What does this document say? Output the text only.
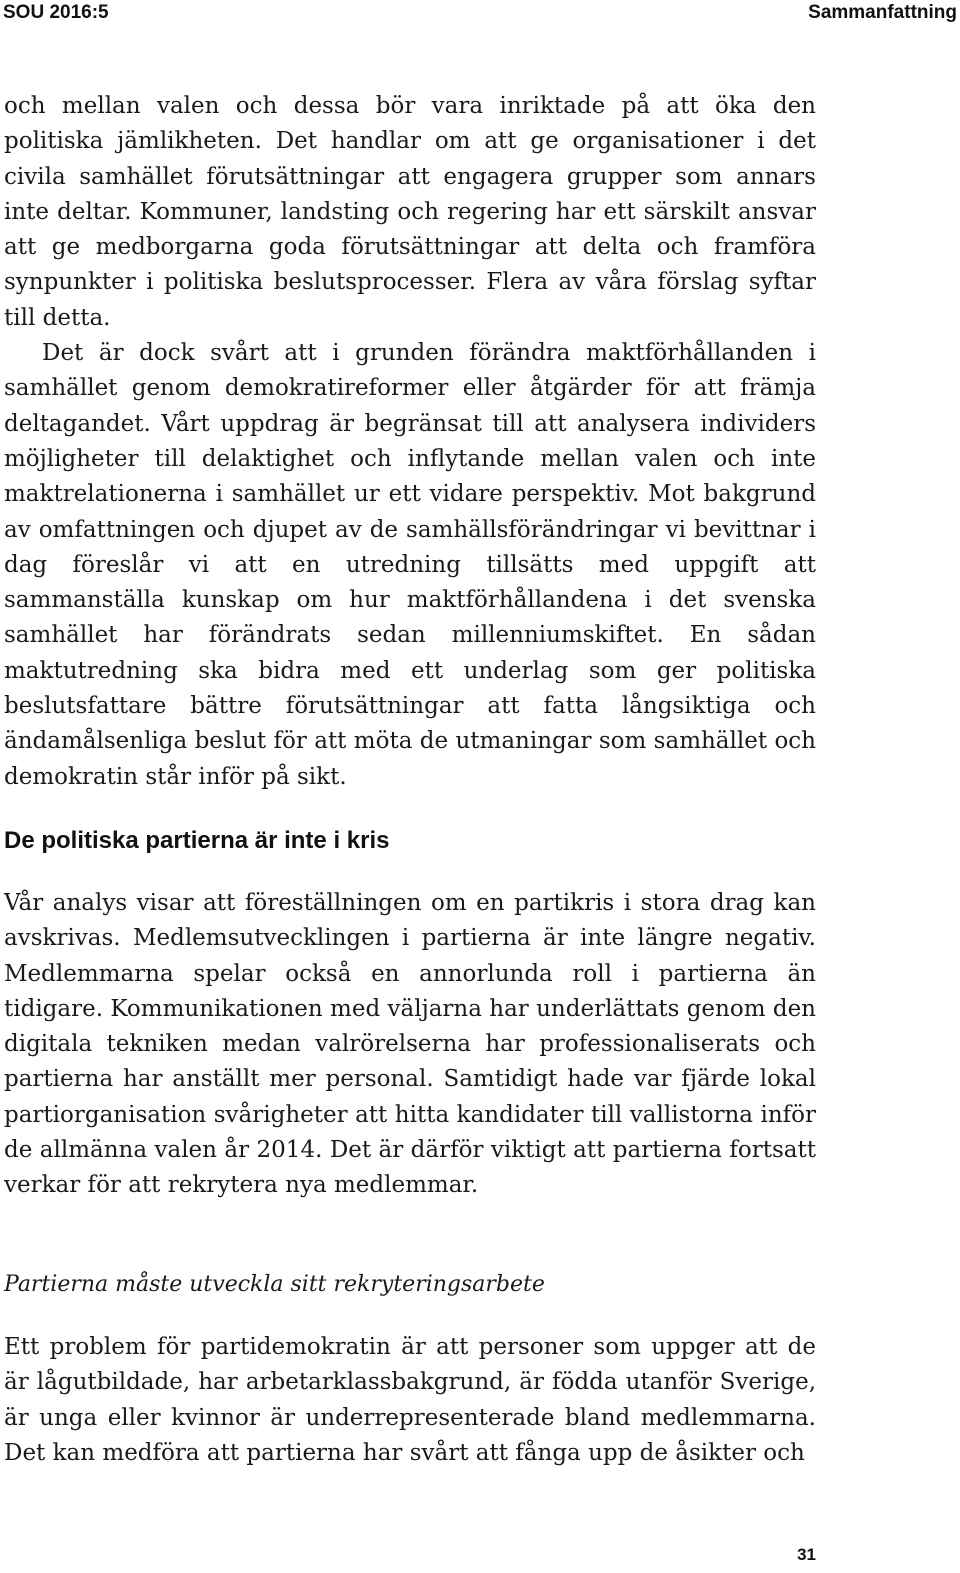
SOU 2016:5	Sammanfattning

och mellan valen och dessa bör vara inriktade på att öka den politiska jämlikheten. Det handlar om att ge organisationer i det civila samhället förutsättningar att engagera grupper som annars inte deltar. Kommuner, landsting och regering har ett särskilt ansvar att ge medborgarna goda förutsättningar att delta och framföra synpunkter i politiska beslutsprocesser. Flera av våra förslag syftar till detta.

Det är dock svårt att i grunden förändra maktförhållanden i samhället genom demokratireformer eller åtgärder för att främja deltagandet. Vårt uppdrag är begränsat till att analysera individers möjligheter till delaktighet och inflytande mellan valen och inte maktrelationerna i samhället ur ett vidare perspektiv. Mot bakgrund av omfattningen och djupet av de samhällsförändringar vi bevittnar i dag föreslår vi att en utredning tillsätts med uppgift att sammanställa kunskap om hur maktförhållandena i det svenska samhället har förändrats sedan millenniumskiftet. En sådan maktutredning ska bidra med ett underlag som ger politiska beslutsfattare bättre förutsättningar att fatta långsiktiga och ändamålsenliga beslut för att möta de utmaningar som samhället och demokratin står inför på sikt.

De politiska partierna är inte i kris

Vår analys visar att föreställningen om en partikris i stora drag kan avskrivas. Medlemsutvecklingen i partierna är inte längre negativ. Medlemmarna spelar också en annorlunda roll i partierna än tidigare. Kommunikationen med väljarna har underlättats genom den digitala tekniken medan valrörelserna har professionaliserats och partierna har anställt mer personal. Samtidigt hade var fjärde lokal partiorganisation svårigheter att hitta kandidater till vallistorna inför de allmänna valen år 2014. Det är därför viktigt att partierna fortsatt verkar för att rekrytera nya medlemmar.

Partierna måste utveckla sitt rekryteringsarbete

Ett problem för partidemokratin är att personer som uppger att de är lågutbildade, har arbetarklassbakgrund, är födda utanför Sverige, är unga eller kvinnor är underrepresenterade bland medlemmarna. Det kan medföra att partierna har svårt att fånga upp de åsikter och

31
